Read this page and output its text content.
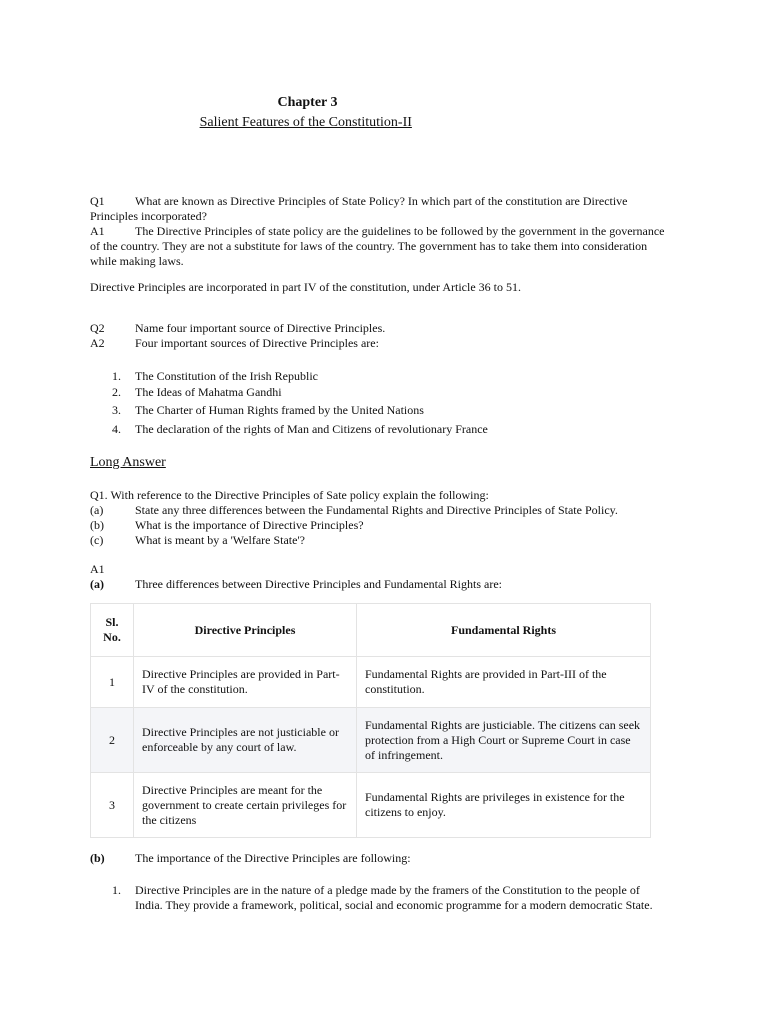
Chapter 3
Salient Features of the Constitution-II
Q1	What are known as Directive Principles of State Policy? In which part of the constitution are Directive Principles incorporated?
A1	The Directive Principles of state policy are the guidelines to be followed by the government in the governance of the country. They are not a substitute for laws of the country. The government has to take them into consideration while making laws.
Directive Principles are incorporated in part IV of the constitution, under Article 36 to 51.
Q2	Name four important source of Directive Principles.
A2	Four important sources of Directive Principles are:
1.	The Constitution of the Irish Republic
2.	The Ideas of Mahatma Gandhi
3.	The Charter of Human Rights framed by the United Nations
4.	The declaration of the rights of Man and Citizens of revolutionary France
Long Answer
Q1. With reference to the Directive Principles of Sate policy explain the following:
(a)	State any three differences between the Fundamental Rights and Directive Principles of State Policy.
(b)	What is the importance of Directive Principles?
(c)	What is meant by a 'Welfare State'?
A1
(a)	Three differences between Directive Principles and Fundamental Rights are:
Sl. No.	Directive Principles	Fundamental Rights
1	Directive Principles are provided in Part-IV of the constitution.	Fundamental Rights are provided in Part-III of the constitution.
2	Directive Principles are not justiciable or enforceable by any court of law.	Fundamental Rights are justiciable. The citizens can seek protection from a High Court or Supreme Court in case of infringement.
3	Directive Principles are meant for the government to create certain privileges for the citizens	Fundamental Rights are privileges in existence for the citizens to enjoy.
(b)	The importance of the Directive Principles are following:
1.	Directive Principles are in the nature of a pledge made by the framers of the Constitution to the people of India. They provide a framework, political, social and economic programme for a modern democratic State.
